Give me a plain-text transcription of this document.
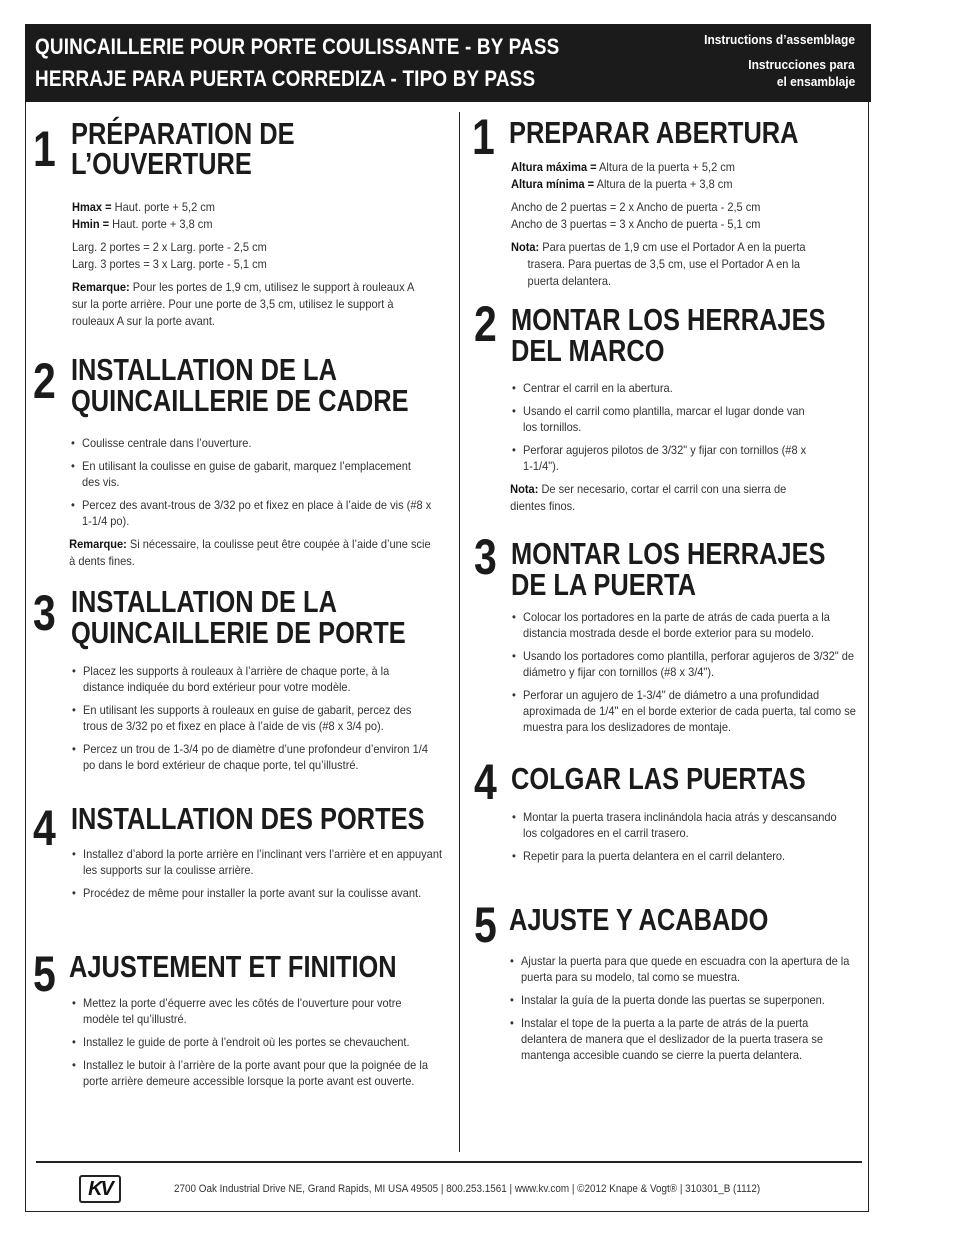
QUINCAILLERIE POUR PORTE COULISSANTE - BY PASS
HERRAJE PARA PUERTA CORREDIZA - TIPO BY PASS
Instructions d’assemblage
Instrucciones para
el ensamblaje
1 PRÉPARATION DE
L’OUVERTURE
Hmax = Haut. porte + 5,2 cm

Hmin = Haut. porte + 3,8 cm

Larg. 2 portes = 2 x Larg. porte - 2,5 cm

Larg. 3 portes = 3 x Larg. porte - 5,1 cm

Remarque: Pour les portes de 1,9 cm, utilisez le support à rouleaux A sur la porte arrière. Pour une porte de 3,5 cm, utilisez le support à rouleaux A sur la porte avant.

2 INSTALLATION DE LA
QUINCAILLERIE DE CADRE
• Coulisse centrale dans l’ouverture.
• En utilisant la coulisse en guise de gabarit, marquez l’emplacement des vis.
• Percez des avant-trous de 3/32 po et fixez en place à l’aide de vis (#8 x 1-1/4 po).

Remarque: Si nécessaire, la coulisse peut être coupée à l’aide d’une scie à dents fines.

3 INSTALLATION DE LA
QUINCAILLERIE DE PORTE
• Placez les supports à rouleaux à l’arrière de chaque porte, à la distance indiquée du bord extérieur pour votre modèle.
• En utilisant les supports à rouleaux en guise de gabarit, percez des trous de 3/32 po et fixez en place à l’aide de vis (#8 x 3/4 po).
• Percez un trou de 1-3/4 po de diamètre d’une profondeur d’environ 1/4 po dans le bord extérieur de chaque porte, tel qu’illustré.
4 INSTALLATION DES PORTES
• Installez d’abord la porte arrière en l’inclinant vers l’arrière et en appuyant les supports sur la coulisse arrière.
• Procédez de même pour installer la porte avant sur la coulisse avant.
5 AJUSTEMENT ET FINITION
• Mettez la porte d’équerre avec les côtés de l’ouverture pour votre modèle tel qu’illustré.
• Installez le guide de porte à l’endroit où les portes se chevauchent.
• Installez le butoir à l’arrière de la porte avant pour que la poignée de la porte arrière demeure accessible lorsque la porte avant est ouverte.
1 PREPARAR ABERTURA
Altura máxima = Altura de la puerta + 5,2 cm

Altura mínima = Altura de la puerta + 3,8 cm

Ancho de 2 puertas = 2 x Ancho de puerta - 2,5 cm

Ancho de 3 puertas = 3 x Ancho de puerta - 5,1 cm

Nota: Para puertas de 1,9 cm use el Portador A en la puerta trasera. Para puertas de 3,5 cm, use el Portador A en la puerta delantera.

2 MONTAR LOS HERRAJES
DEL MARCO
• Centrar el carril en la abertura.
• Usando el carril como plantilla, marcar el lugar donde van los tornillos.
• Perforar agujeros pilotos de 3/32" y fijar con tornillos (#8 x 1-1/4").

Nota: De ser necesario, cortar el carril con una sierra de dientes finos.

3 MONTAR LOS HERRAJES
DE LA PUERTA
• Colocar los portadores en la parte de atrás de cada puerta a la distancia mostrada desde el borde exterior para su modelo.
• Usando los portadores como plantilla, perforar agujeros de 3/32" de diámetro y fijar con tornillos (#8 x 3/4").
• Perforar un agujero de 1-3/4" de diámetro a una profundidad aproximada de 1/4" en el borde exterior de cada puerta, tal como se muestra para los deslizadores de montaje.
4 COLGAR LAS PUERTAS
• Montar la puerta trasera inclinándola hacia atrás y descansando los colgadores en el carril trasero.
• Repetir para la puerta delantera en el carril delantero.
5 AJUSTE Y ACABADO
• Ajustar la puerta para que quede en escuadra con la apertura de la puerta para su modelo, tal como se muestra.
• Instalar la guía de la puerta donde las puertas se superponen.
• Instalar el tope de la puerta a la parte de atrás de la puerta delantera de manera que el deslizador de la puerta trasera se mantenga accesible cuando se cierre la puerta delantera.
KV	2700 Oak Industrial Drive NE, Grand Rapids, MI USA 49505 | 800.253.1561 | www.kv.com | ©2012 Knape & Vogt® | 310301_B (1112)
